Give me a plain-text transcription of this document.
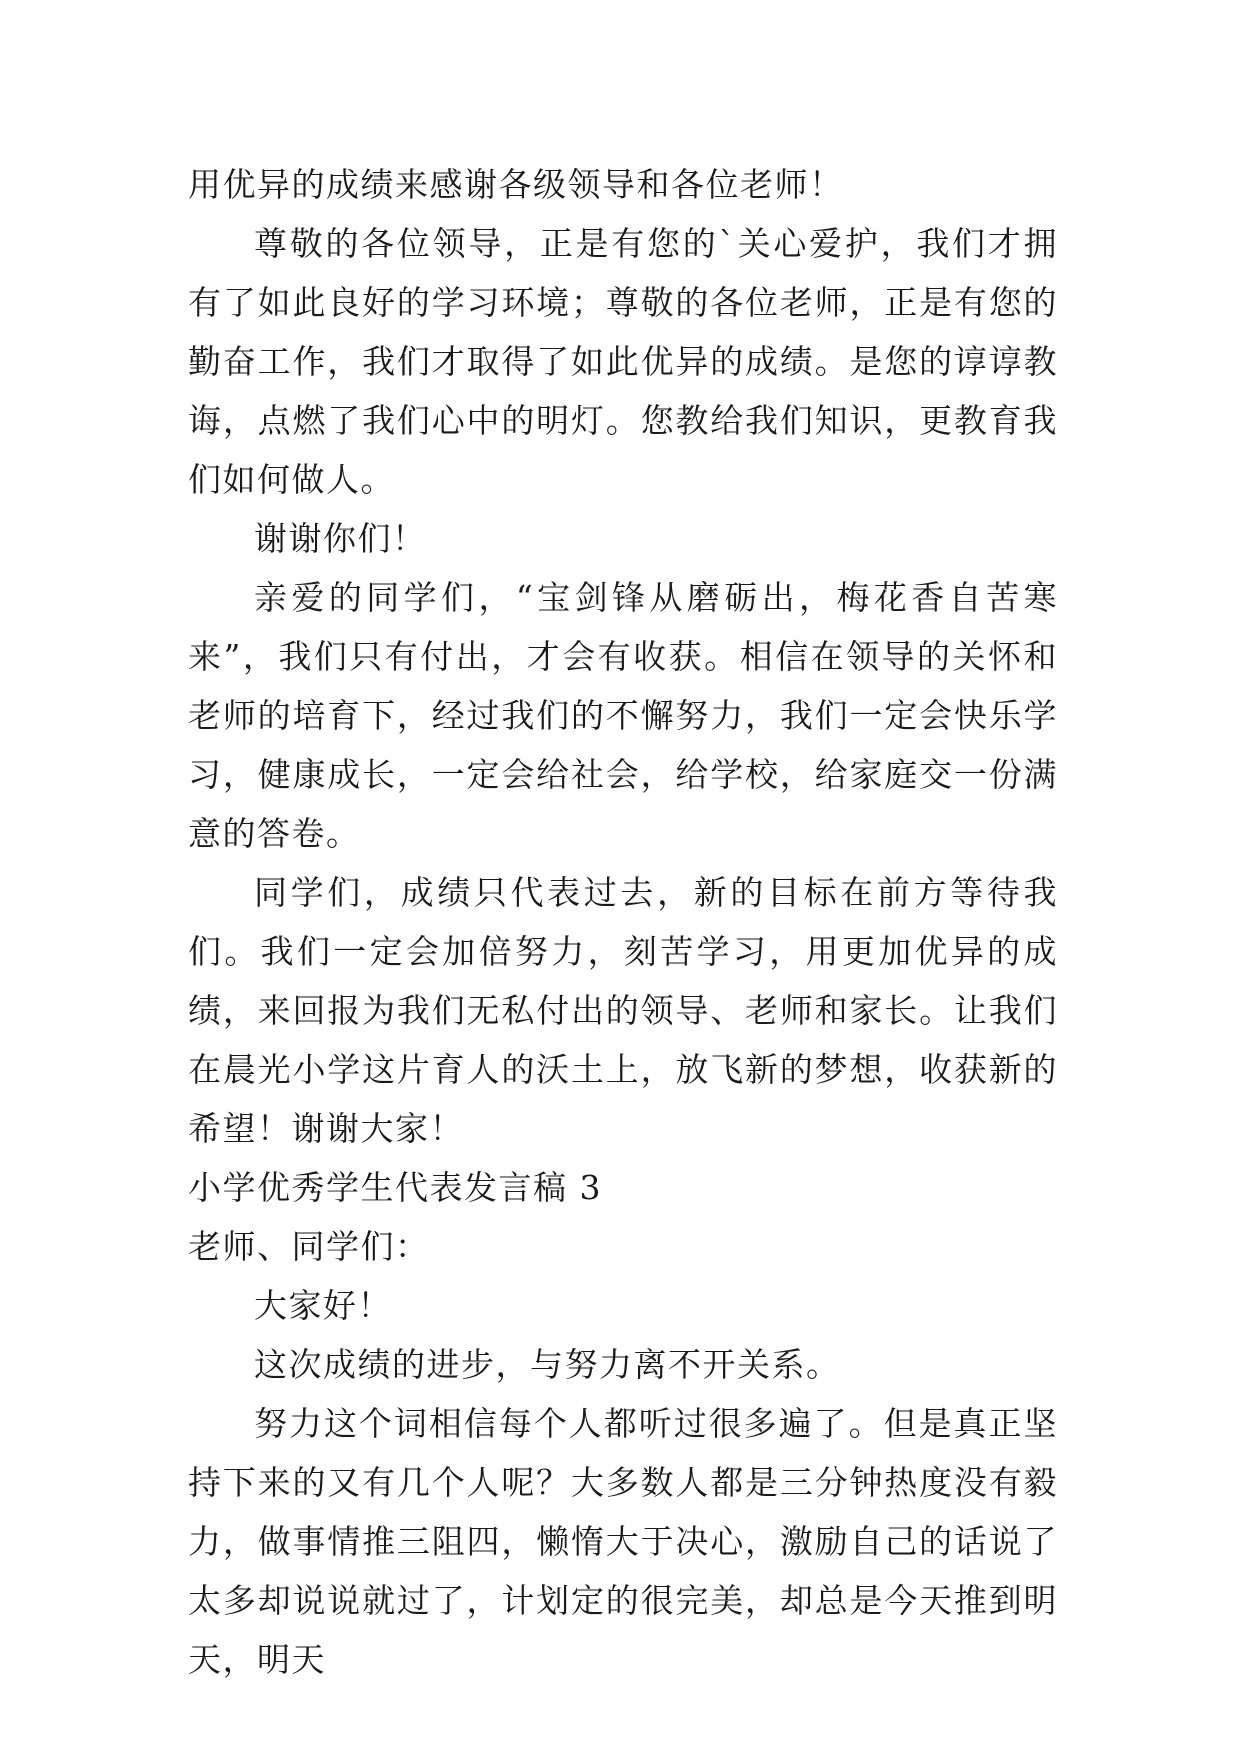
用优异的成绩来感谢各级领导和各位老师！

尊敬的各位领导，正是有您的`关心爱护，我们才拥有了如此良好的学习环境；尊敬的各位老师，正是有您的勤奋工作，我们才取得了如此优异的成绩。是您的谆谆教诲，点燃了我们心中的明灯。您教给我们知识，更教育我们如何做人。

谢谢你们！

亲爱的同学们，“宝剑锋从磨砺出，梅花香自苦寒来”，我们只有付出，才会有收获。相信在领导的关怀和老师的培育下，经过我们的不懈努力，我们一定会快乐学习，健康成长，一定会给社会，给学校，给家庭交一份满意的答卷。

同学们，成绩只代表过去，新的目标在前方等待我们。我们一定会加倍努力，刻苦学习，用更加优异的成绩，来回报为我们无私付出的领导、老师和家长。让我们在晨光小学这片育人的沃土上，放飞新的梦想，收获新的希望！谢谢大家！

小学优秀学生代表发言稿 3

老师、同学们：

大家好！

这次成绩的进步，与努力离不开关系。

努力这个词相信每个人都听过很多遍了。但是真正坚持下来的又有几个人呢？大多数人都是三分钟热度没有毅力，做事情推三阻四，懒惰大于决心，激励自己的话说了太多却说说就过了，计划定的很完美，却总是今天推到明天，明天
